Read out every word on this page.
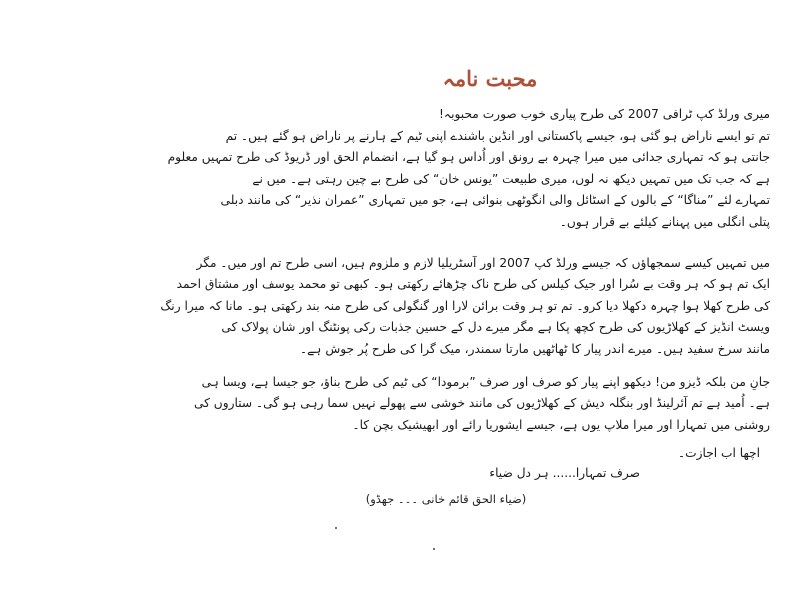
محبت نامہ
میری ورلڈ کپ ٹرافی 2007 کی طرح پیاری خوب صورت محبوبہ!
تم تو ایسے ناراض ہو گئی ہو، جیسے پاکستانی اور انڈین باشندے اپنی ٹیم کے ہارنے پر ناراض ہو گئے ہیں۔ تم
جانتی ہو کہ تمہاری جدائی میں میرا چہرہ بے رونق اور اُداس ہو گیا ہے، انضمام الحق اور ڈریوڈ کی طرح تمہیں معلوم
ہے کہ جب تک میں تمہیں دیکھ نہ لوں، میری طبیعت ”یونس خان“ کی طرح بے چین رہتی ہے۔ میں نے
تمہارے لئے ”مناگا“ کے بالوں کے اسٹائل والی انگوٹھی بنوائی ہے، جو میں تمہاری ”عمران نذیر“ کی مانند دبلی
پتلی انگلی میں پہنانے کیلئے بے قرار ہوں۔
میں تمہیں کیسے سمجھاؤں کہ جیسے ورلڈ کپ 2007 اور آسٹریلیا لازم و ملزوم ہیں، اسی طرح تم اور میں۔ مگر
ایک تم ہو کہ ہر وقت بے سُرا اور جیک کیلس کی طرح ناک چڑھائے رکھتی ہو۔ کبھی تو محمد یوسف اور مشتاق احمد
کی طرح کھلا ہوا چہرہ دکھلا دیا کرو۔ تم تو ہر وقت برائن لارا اور گنگولی کی طرح منہ بند رکھتی ہو۔ مانا کہ میرا رنگ
ویسٹ انڈیز کے کھلاڑیوں کی طرح کچھ پکا ہے مگر میرے دل کے حسین جذبات رکی پونٹنگ اور شان پولاک کی
مانند سرخ سفید ہیں۔ میرے اندر پیار کا ٹھاٹھیں مارتا سمندر، میک گرا کی طرح پُر جوش ہے۔
جانِ من بلکہ ڈیزو من! دیکھو اپنے پیار کو صرف اور صرف ”برمودا“ کی ٹیم کی طرح بناؤ، جو جیسا ہے، ویسا ہی
ہے۔ اُمید ہے تم آئرلینڈ اور بنگلہ دیش کے کھلاڑیوں کی مانند خوشی سے پھولے نہیں سما رہی ہو گی۔ ستاروں کی
روشنی میں تمہارا اور میرا ملاپ یوں ہے، جیسے ایشوریا رائے اور ابھیشیک بچن کا۔
اچھا اب اجازت۔
صرف تمہارا...... ہر دل ضیاء
(ضیاء الحق قائم خانی ۔۔۔ جھڈو)
